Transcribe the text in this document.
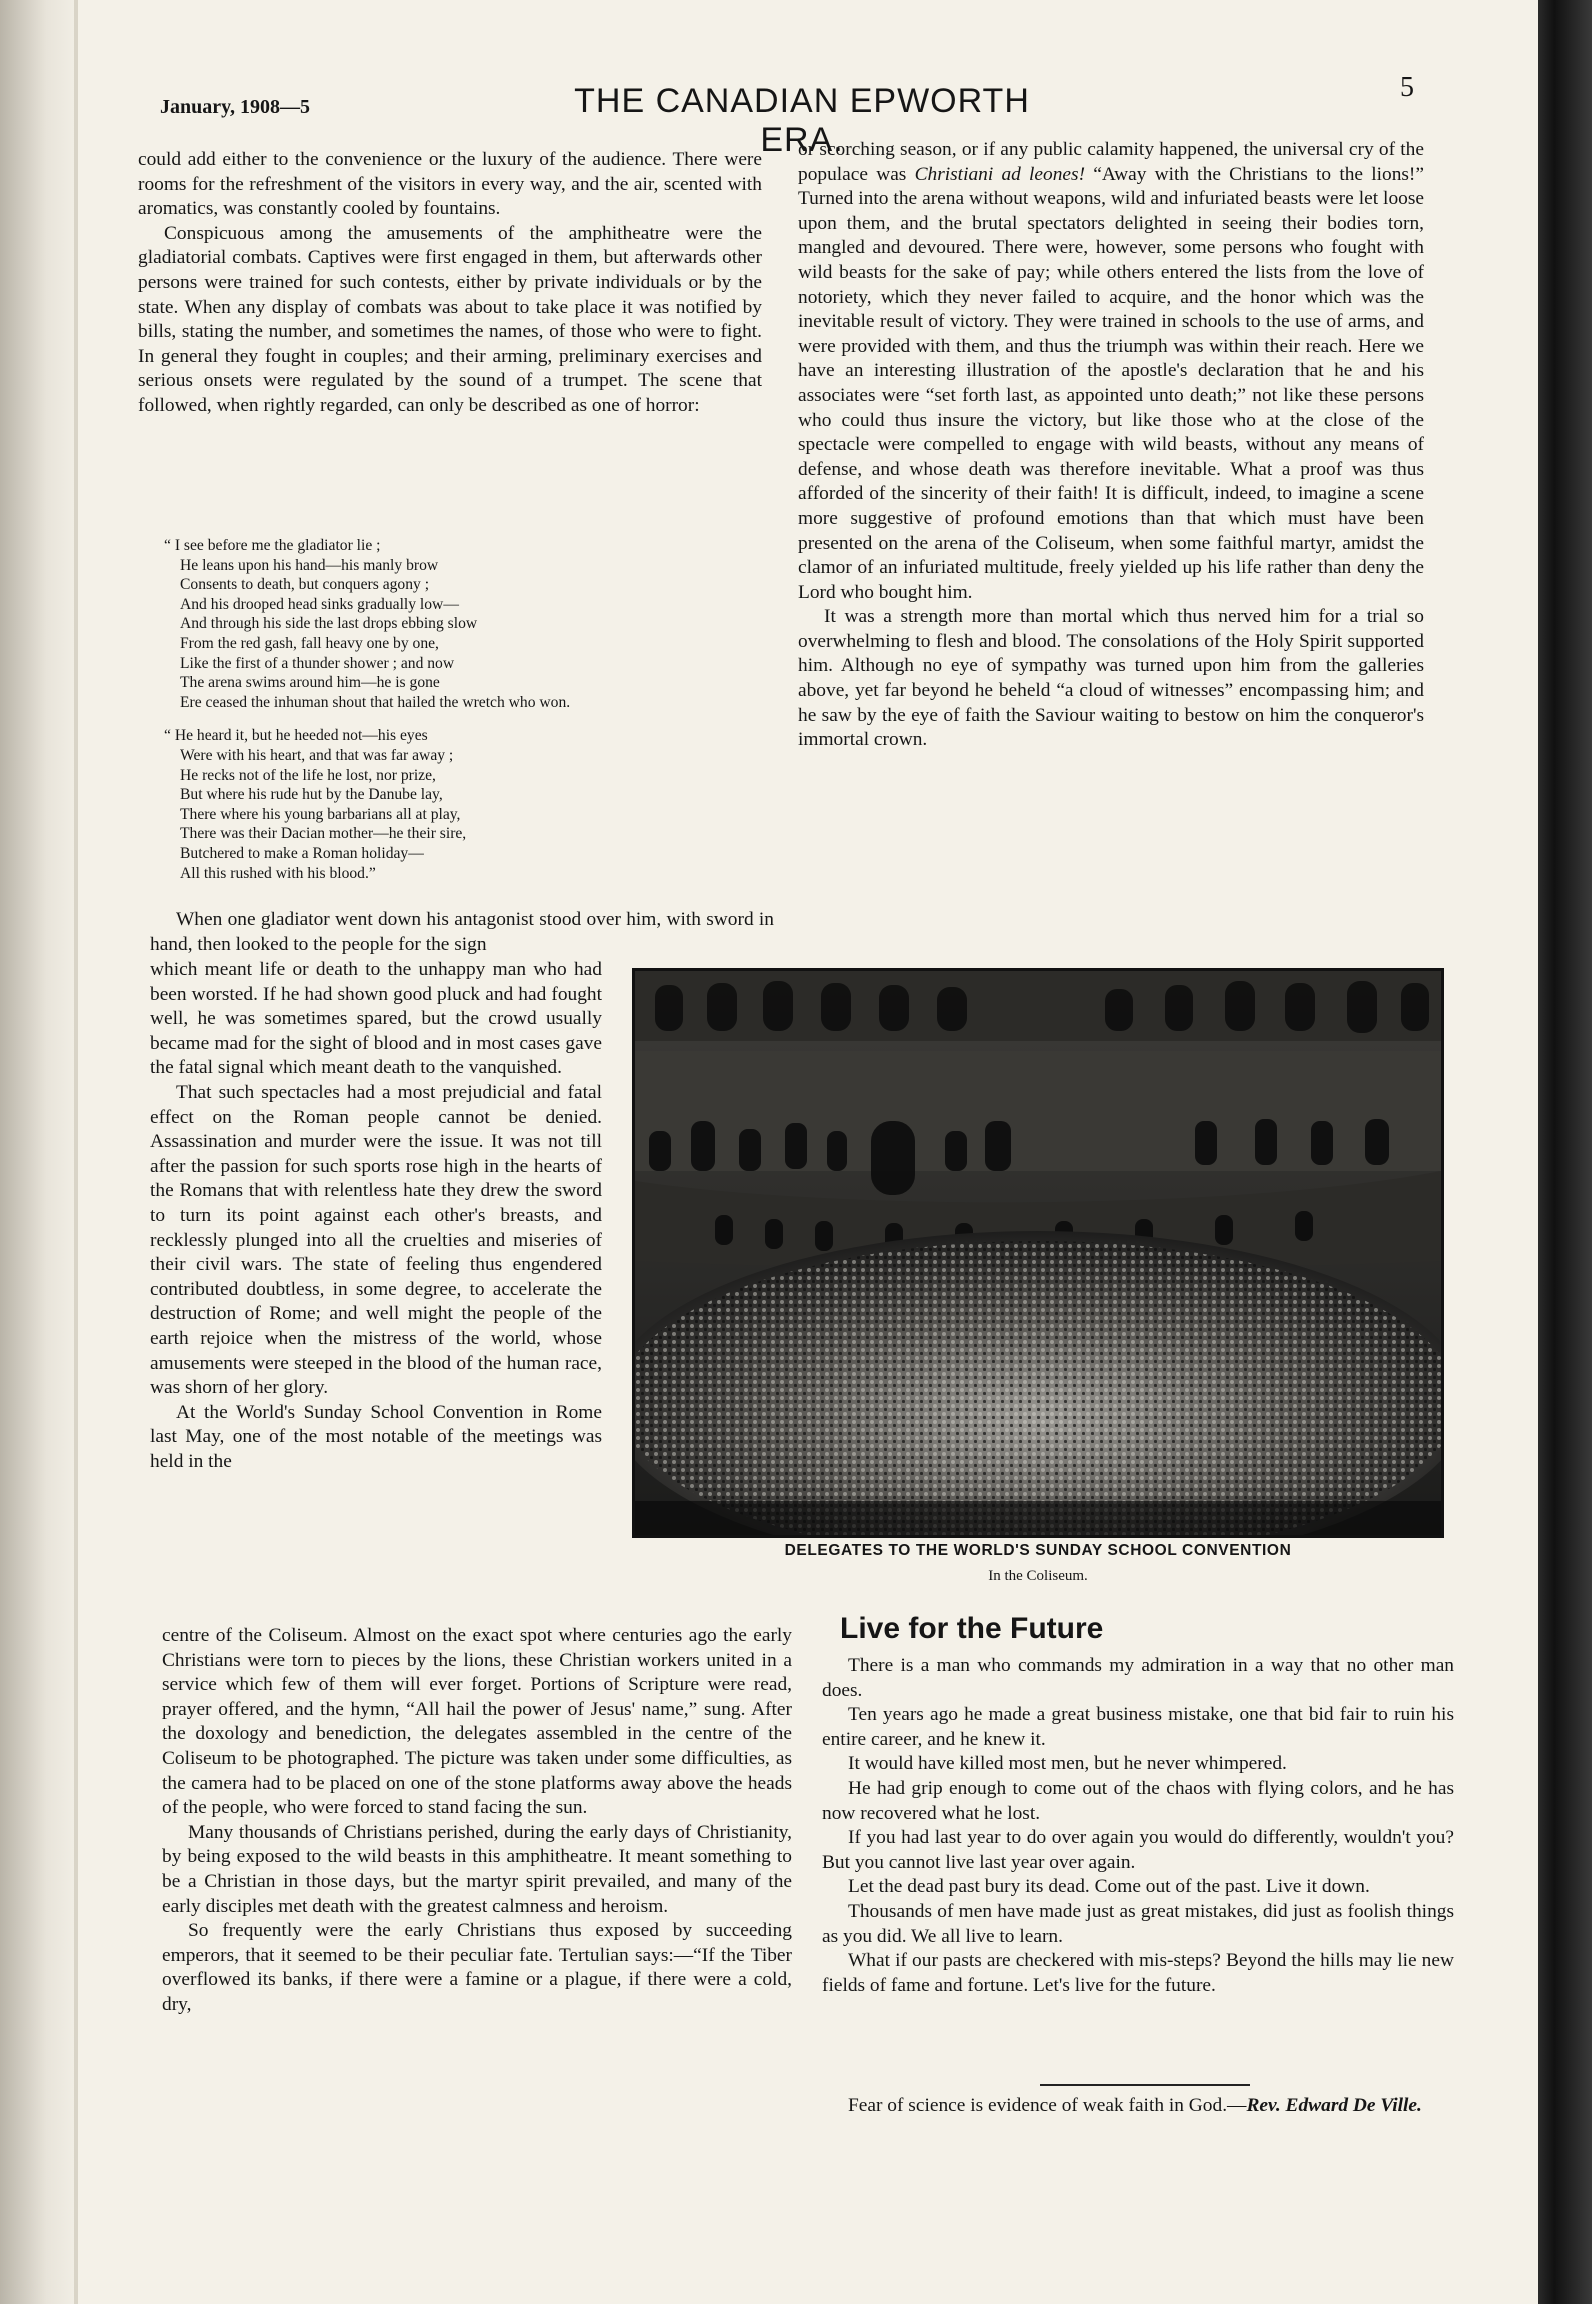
January, 1908—5	THE CANADIAN EPWORTH ERA.
5

could add either to the convenience or the luxury of the audience. There were rooms for the refreshment of the visitors in every way, and the air, scented with aromatics, was constantly cooled by fountains.

Conspicuous among the amusements of the amphitheatre were the gladiatorial combats. Captives were first engaged in them, but afterwards other persons were trained for such contests, either by private individuals or by the state. When any display of combats was about to take place it was notified by bills, stating the number, and sometimes the names, of those who were to fight. In general they fought in couples; and their arming, preliminary exercises and serious onsets were regulated by the sound of a trumpet. The scene that followed, when rightly regarded, can only be described as one of horror:

“ I see before me the gladiator lie ;
He leans upon his hand—his manly brow
Consents to death, but conquers agony ;
And his drooped head sinks gradually low—
And through his side the last drops ebbing slow
From the red gash, fall heavy one by one,
Like the first of a thunder shower ; and now
The arena swims around him—he is gone
Ere ceased the inhuman shout that hailed the wretch who won.
“ He heard it, but he heeded not—his eyes
Were with his heart, and that was far away ;
He recks not of the life he lost, nor prize,
But where his rude hut by the Danube lay,
There where his young barbarians all at play,
There was their Dacian mother—he their sire,
Butchered to make a Roman holiday—
All this rushed with his blood.”

When one gladiator went down his antagonist stood over him, with sword in hand, then looked to the people for the sign

which meant life or death to the unhappy man who had been worsted. If he had shown good pluck and had fought well, he was sometimes spared, but the crowd usually became mad for the sight of blood and in most cases gave the fatal signal which meant death to the vanquished.

That such spectacles had a most prejudicial and fatal effect on the Roman people cannot be denied. Assassination and murder were the issue. It was not till after the passion for such sports rose high in the hearts of the Romans that with relentless hate they drew the sword to turn its point against each other's breasts, and recklessly plunged into all the cruelties and miseries of their civil wars. The state of feeling thus engendered contributed doubtless, in some degree, to accelerate the destruction of Rome; and well might the people of the earth rejoice when the mistress of the world, whose amusements were steeped in the blood of the human race, was shorn of her glory.

At the World's Sunday School Convention in Rome last May, one of the most notable of the meetings was held in the

centre of the Coliseum. Almost on the exact spot where centuries ago the early Christians were torn to pieces by the lions, these Christian workers united in a service which few of them will ever forget. Portions of Scripture were read, prayer offered, and the hymn, “All hail the power of Jesus' name,” sung. After the doxology and benediction, the delegates assembled in the centre of the Coliseum to be photographed. The picture was taken under some difficulties, as the camera had to be placed on one of the stone platforms away above the heads of the people, who were forced to stand facing the sun.

Many thousands of Christians perished, during the early days of Christianity, by being exposed to the wild beasts in this amphitheatre. It meant something to be a Christian in those days, but the martyr spirit prevailed, and many of the early disciples met death with the greatest calmness and heroism.

So frequently were the early Christians thus exposed by succeeding emperors, that it seemed to be their peculiar fate. Tertulian says:—“If the Tiber overflowed its banks, if there were a famine or a plague, if there were a cold, dry,

or scorching season, or if any public calamity happened, the universal cry of the populace was Christiani ad leones! “Away with the Christians to the lions!” Turned into the arena without weapons, wild and infuriated beasts were let loose upon them, and the brutal spectators delighted in seeing their bodies torn, mangled and devoured. There were, however, some persons who fought with wild beasts for the sake of pay; while others entered the lists from the love of notoriety, which they never failed to acquire, and the honor which was the inevitable result of victory. They were trained in schools to the use of arms, and were provided with them, and thus the triumph was within their reach. Here we have an interesting illustration of the apostle's declaration that he and his associates were “set forth last, as appointed unto death;” not like these persons who could thus insure the victory, but like those who at the close of the spectacle were compelled to engage with wild beasts, without any means of defense, and whose death was therefore inevitable. What a proof was thus afforded of the sincerity of their faith! It is difficult, indeed, to imagine a scene more suggestive of profound emotions than that which must have been presented on the arena of the Coliseum, when some faithful martyr, amidst the clamor of an infuriated multitude, freely yielded up his life rather than deny the Lord who bought him.

It was a strength more than mortal which thus nerved him for a trial so overwhelming to flesh and blood. The consolations of the Holy Spirit supported him. Although no eye of sympathy was turned upon him from the galleries above, yet far beyond he beheld “a cloud of witnesses” encompassing him; and he saw by the eye of faith the Saviour waiting to bestow on him the conqueror's immortal crown.

DELEGATES TO THE WORLD'S SUNDAY SCHOOL CONVENTION
In the Coliseum.
Live for the Future

There is a man who commands my admiration in a way that no other man does.

Ten years ago he made a great business mistake, one that bid fair to ruin his entire career, and he knew it.

It would have killed most men, but he never whimpered.

He had grip enough to come out of the chaos with flying colors, and he has now recovered what he lost.

If you had last year to do over again you would do differently, wouldn't you? But you cannot live last year over again.

Let the dead past bury its dead. Come out of the past. Live it down.

Thousands of men have made just as great mistakes, did just as foolish things as you did. We all live to learn.

What if our pasts are checkered with mis-steps? Beyond the hills may lie new fields of fame and fortune. Let's live for the future.

Fear of science is evidence of weak faith in God.—Rev. Edward De Ville.
